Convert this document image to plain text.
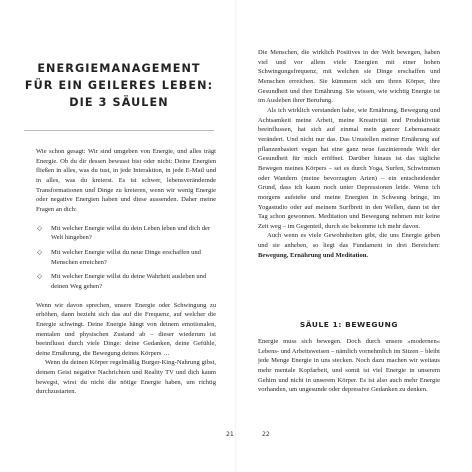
ENERGIEMANAGEMENT
FÜR EIN GEILERES LEBEN:
DIE 3 SÄULEN

Wie schon gesagt: Wir sind umgeben von Energie, und alles trägt Energie. Ob du dir dessen bewusst bist oder nicht: Deine Energien fließen in alles, was du tust, in jede Interaktion, in jede E-Mail und in alles, was du kreierst. Es ist schwer, lebensverändernde Transformationen und Dinge zu kreieren, wenn wir wenig Energie oder negative Energien haben und diese aussenden. Daher meine Fragen an dich:

◇ Mit welcher Energie willst du dein Leben leben und dich der Welt hingeben?
◇ Mit welcher Energie willst du neue Dinge erschaffen und Menschen erreichen?
◇ Mit welcher Energie willst du deine Wahrheit ausleben und deinen Weg gehen?

Wenn wir davon sprechen, unsere Energie oder Schwingung zu erhöhen, dann bezieht sich das auf die Frequenz, auf welcher die Energie schwingt. Deine Energie hängt von deinem emotionalen, mentalen und physischen Zustand ab – dieser wiederum ist beeinflusst durch viele Dinge: deine Gedanken, deine Gefühle, deine Ernährung, die Bewegung deines Körpers …

Wenn du deinen Körper regelmäßig Burger-King-Nahrung gibst, deinem Geist negative Nachrichten und Reality TV und dich kaum bewegst, wirst du nicht die nötige Energie haben, um richtig durchzustarten.

21

Die Menschen, die wirklich Positives in der Welt bewegen, haben viel und vor allem viele Energien mit einer hohen Schwingungsfrequenz, mit welchen sie Dinge erschaffen und Menschen erreichen. Sie kümmern sich um ihren Körper, ihre Gesundheit und ihre Ernährung. Sie wissen, wie wichtig Energie ist im Ausleben ihrer Berufung.

Als ich wirklich verstanden habe, wie Ernährung, Bewegung und Achtsamkeit meine Arbeit, meine Kreativität und Produktivität beeinflussen, hat sich auf einmal mein ganzer Lebensansatz verändert. Und nicht nur das. Das Umstellen meiner Ernährung auf pflanzenbasiert vegan hat eine ganz neue faszinierende Welt der Gesundheit für mich eröffnet. Darüber hinaus ist das tägliche Bewegen meines Körpers – sei es durch Yoga, Surfen, Schwimmen oder Wandern (meine bevorzugten Arten) – ein entscheidender Grund, dass ich kaum noch unter Depressionen leide. Wenn ich morgens aufstehe und meine Energien in Schwung bringe, im Yogastudio oder auf meinem Surfbrett in den Wellen, dann ist der Tag schon gewonnen. Meditation und Bewegung nehmen mir keine Zeit weg – im Gegenteil, durch sie bekomme ich mehr davon.

Auch wenn es viele Gewohnheiten gibt, die uns Energie geben und sie anheben, so liegt das Fundament in drei Bereichen: Bewegung, Ernährung und Meditation.

SÄULE 1: BEWEGUNG

Energie muss sich bewegen. Doch durch unsere »modernen« Lebens- und Arbeitsweisen – nämlich vornehmlich im Sitzen – bleibt jede Menge Energie in uns stecken. Noch dazu machen wir weitaus mehr mentale Kopfarbeit, und somit ist viel Energie in unserem Gehirn und nicht in unserem Körper. Es ist also auch mehr Energie vorhanden, um ungesunde oder depressive Gedanken zu denken.

22
